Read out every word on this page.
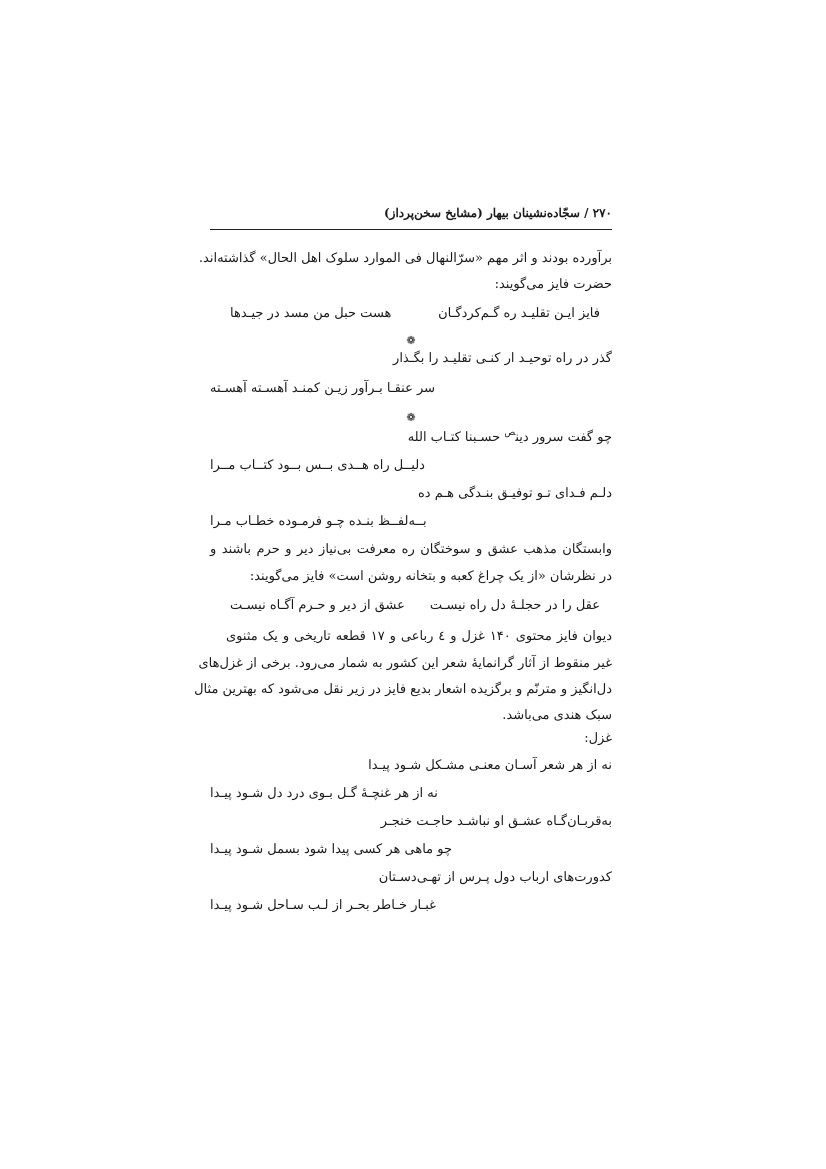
۲۷۰ / سجّاده‌نشینان بیهار (مشایخ سخن‌پرداز)
برآورده بودند و اثر مهم «سرّالنهال فی الموارد سلوک اهل الحال» گذاشته‌اند.
حضرت فایز می‌گویند:
فایز ایـن تقلیـد ره گـم‌کردگـان
هست حبل من مسد در جیـدها
❁
گذر در راه توحیـد ار کنـی تقلیـد را بگـذار
سر عنقـا بـرآور زیـن کمنـد آهسـته آهسـته
❁
چو گفت سرور دین$^ص$ حسـبنا کتـاب الله
دلیــل راه هــدی بــس بــود کتــاب مــرا
دلـم فـدای تـو توفیـق بنـدگی هـم ده
بــه‌لفــظ بنـده چـو فرمـوده خطـاب مـرا
وابستگان مذهب عشق و سوختگان ره معرفت بی‌نیاز دیر و حرم باشند و
در نظرشان «از یک چراغ کعبه و بتخانه روشن است» فایز می‌گویند:
عقل را در حجلـهٔ دل راه نیسـت
عشق از دیر و حـرم آگـاه نیسـت
دیوان فایز محتوی ۱۴۰ غزل و ٤ رباعی و ۱۷ قطعه تاریخی و یک مثنوی
غیر منقوط از آثار گرانمایهٔ شعر این کشور به شمار می‌رود. برخی از غزل‌های
دل‌انگیز و مترنّم و برگزیده اشعار بدیع فایز در زیر نقل می‌شود که بهترین مثال
سبک هندی می‌باشد.
غزل:
نه از هر شعر آسـان معنـی مشـکل شـود پیـدا
نه از هر غنچـهٔ گـل بـوی درد دل شـود پیـدا
به‌قربـان‌گـاه عشـق او نباشـد حاجـت خنجـر
چو ماهی هر کسی پیدا شود بسمل شـود پیـدا
کدورت‌های ارباب دول پـرس از تهـی‌دسـتان
غبـار خـاطر بحـر از لـب سـاحل شـود پیـدا
